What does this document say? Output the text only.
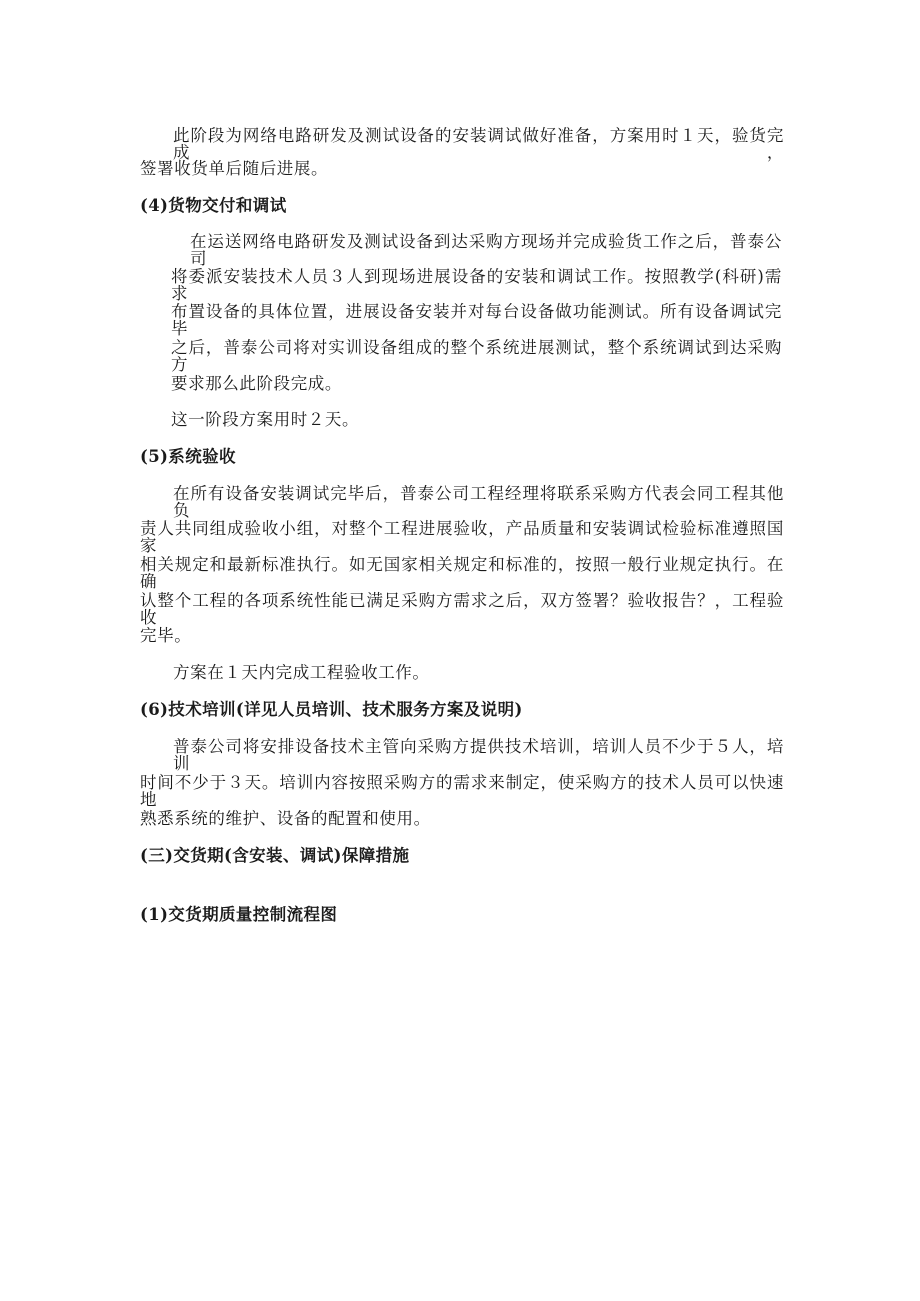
此阶段为网络电路研发及测试设备的安装调试做好准备，方案用时１天，验货完成，
签署收货单后随后进展。
(4)货物交付和调试
在运送网络电路研发及测试设备到达采购方现场并完成验货工作之后，普泰公司
将委派安装技术人员３人到现场进展设备的安装和调试工作。按照教学(科研)需求
布置设备的具体位置，进展设备安装并对每台设备做功能测试。所有设备调试完毕
之后，普泰公司将对实训设备组成的整个系统进展测试，整个系统调试到达采购方
要求那么此阶段完成。
这一阶段方案用时２天。
(5)系统验收
在所有设备安装调试完毕后，普泰公司工程经理将联系采购方代表会同工程其他负
责人共同组成验收小组，对整个工程进展验收，产品质量和安装调试检验标准遵照国家
相关规定和最新标准执行。如无国家相关规定和标准的，按照一般行业规定执行。在确
认整个工程的各项系统性能已满足采购方需求之后，双方签署？验收报告？，工程验收
完毕。
方案在１天内完成工程验收工作。
(6)技术培训(详见人员培训、技术服务方案及说明)
普泰公司将安排设备技术主管向采购方提供技术培训，培训人员不少于５人，培训
时间不少于３天。培训内容按照采购方的需求来制定，使采购方的技术人员可以快速地
熟悉系统的维护、设备的配置和使用。
(三)交货期(含安装、调试)保障措施
(1)交货期质量控制流程图
